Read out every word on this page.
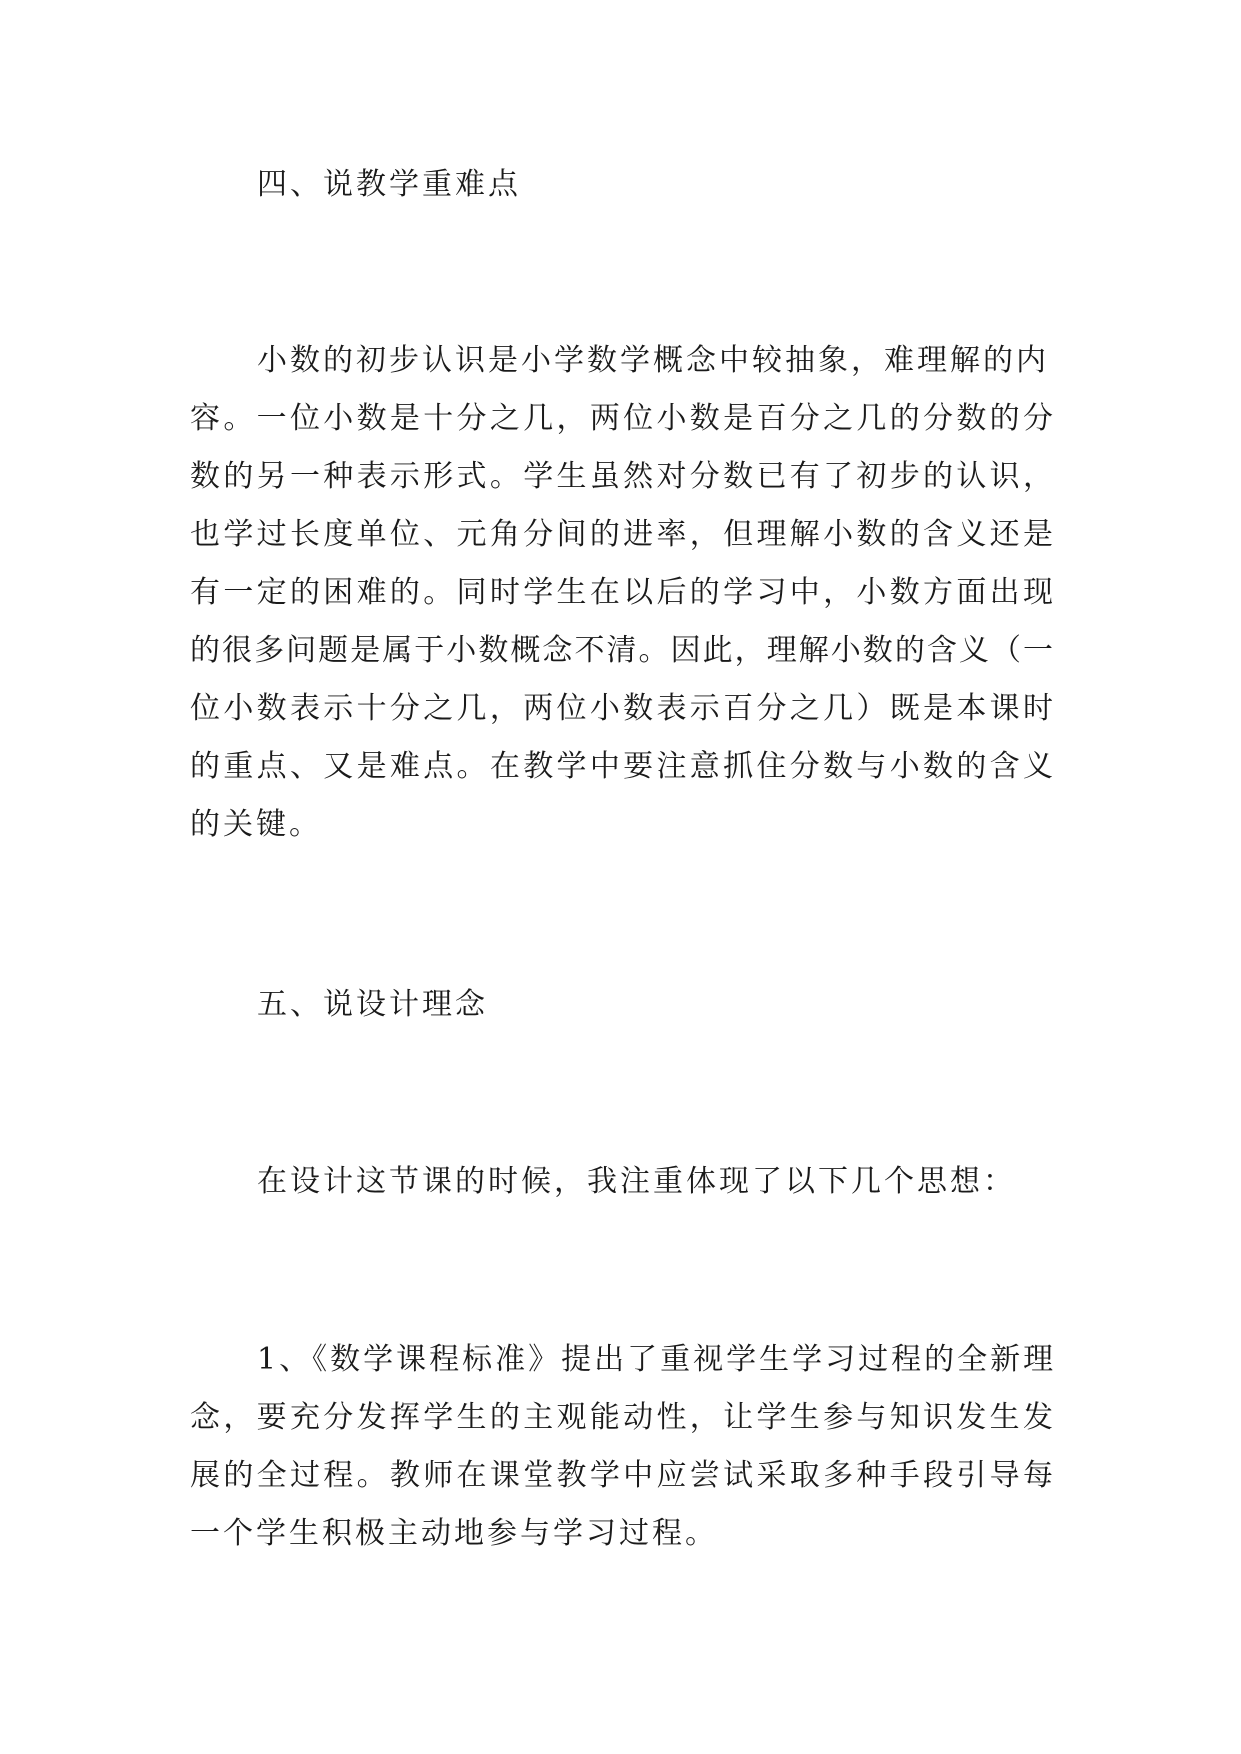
四、说教学重难点
小数的初步认识是小学数学概念中较抽象，难理解的内
容。一位小数是十分之几，两位小数是百分之几的分数的分
数的另一种表示形式。学生虽然对分数已有了初步的认识，
也学过长度单位、元角分间的进率，但理解小数的含义还是
有一定的困难的。同时学生在以后的学习中，小数方面出现
的很多问题是属于小数概念不清。因此，理解小数的含义（一
位小数表示十分之几，两位小数表示百分之几）既是本课时
的重点、又是难点。在教学中要注意抓住分数与小数的含义
的关键。
五、说设计理念
在设计这节课的时候，我注重体现了以下几个思想：
1、《数学课程标准》提出了重视学生学习过程的全新理
念，要充分发挥学生的主观能动性，让学生参与知识发生发
展的全过程。教师在课堂教学中应尝试采取多种手段引导每
一个学生积极主动地参与学习过程。
